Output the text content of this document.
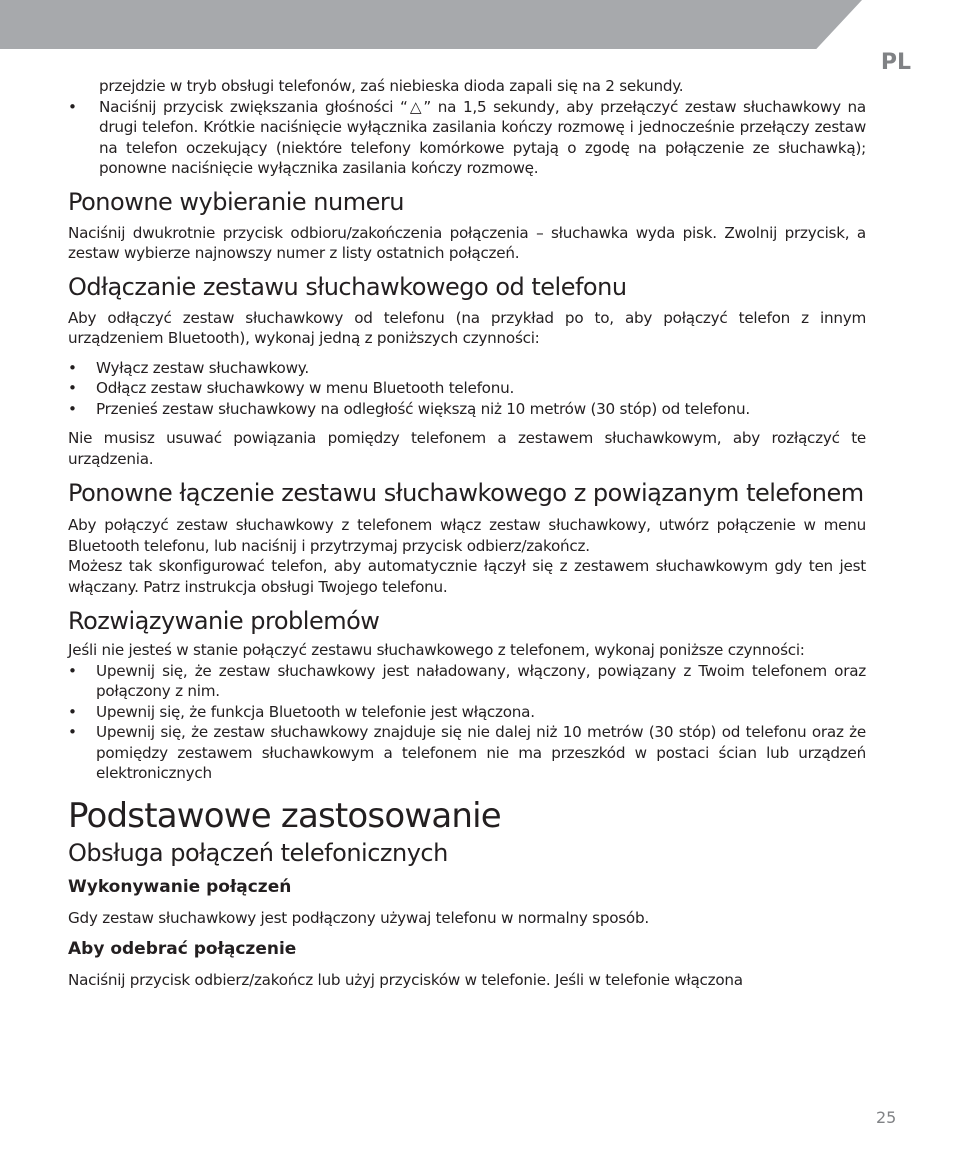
PL

przejdzie w tryb obsługi telefonów, zaś niebieska dioda zapali się na 2 sekundy.

• Naciśnij przycisk zwiększania głośności “△” na 1,5 sekundy, aby przełączyć zestaw słuchawkowy na drugi telefon. Krótkie naciśnięcie wyłącznika zasilania kończy rozmowę i jednocześnie przełączy zestaw na telefon oczekujący (niektóre telefony komórkowe pytają o zgodę na połączenie ze słuchawką); ponowne naciśnięcie wyłącznika zasilania kończy rozmowę.
Ponowne wybieranie numeru

Naciśnij dwukrotnie przycisk odbioru/zakończenia połączenia – słuchawka wyda pisk. Zwolnij przycisk, a zestaw wybierze najnowszy numer z listy ostatnich połączeń.

Odłączanie zestawu słuchawkowego od telefonu

Aby odłączyć zestaw słuchawkowy od telefonu (na przykład po to, aby połączyć telefon z innym urządzeniem Bluetooth), wykonaj jedną z poniższych czynności:

• Wyłącz zestaw słuchawkowy.
• Odłącz zestaw słuchawkowy w menu Bluetooth telefonu.
• Przenieś zestaw słuchawkowy na odległość większą niż 10 metrów (30 stóp) od telefonu.

Nie musisz usuwać powiązania pomiędzy telefonem a zestawem słuchawkowym, aby rozłączyć te urządzenia.

Ponowne łączenie zestawu słuchawkowego z powiązanym telefonem

Aby połączyć zestaw słuchawkowy z telefonem włącz zestaw słuchawkowy, utwórz połączenie w menu Bluetooth telefonu, lub naciśnij i przytrzymaj przycisk odbierz/zakończ.

Możesz tak skonfigurować telefon, aby automatycznie łączył się z zestawem słuchawkowym gdy ten jest włączany. Patrz instrukcja obsługi Twojego telefonu.

Rozwiązywanie problemów

Jeśli nie jesteś w stanie połączyć zestawu słuchawkowego z telefonem, wykonaj poniższe czynności:

• Upewnij się, że zestaw słuchawkowy jest naładowany, włączony, powiązany z Twoim telefonem oraz połączony z nim.
• Upewnij się, że funkcja Bluetooth w telefonie jest włączona.
• Upewnij się, że zestaw słuchawkowy znajduje się nie dalej niż 10 metrów (30 stóp) od telefonu oraz że pomiędzy zestawem słuchawkowym a telefonem nie ma przeszkód w postaci ścian lub urządzeń elektronicznych
Podstawowe zastosowanie
Obsługa połączeń telefonicznych
Wykonywanie połączeń

Gdy zestaw słuchawkowy jest podłączony używaj telefonu w normalny sposób.

Aby odebrać połączenie

Naciśnij przycisk odbierz/zakończ lub użyj przycisków w telefonie. Jeśli w telefonie włączona

25
